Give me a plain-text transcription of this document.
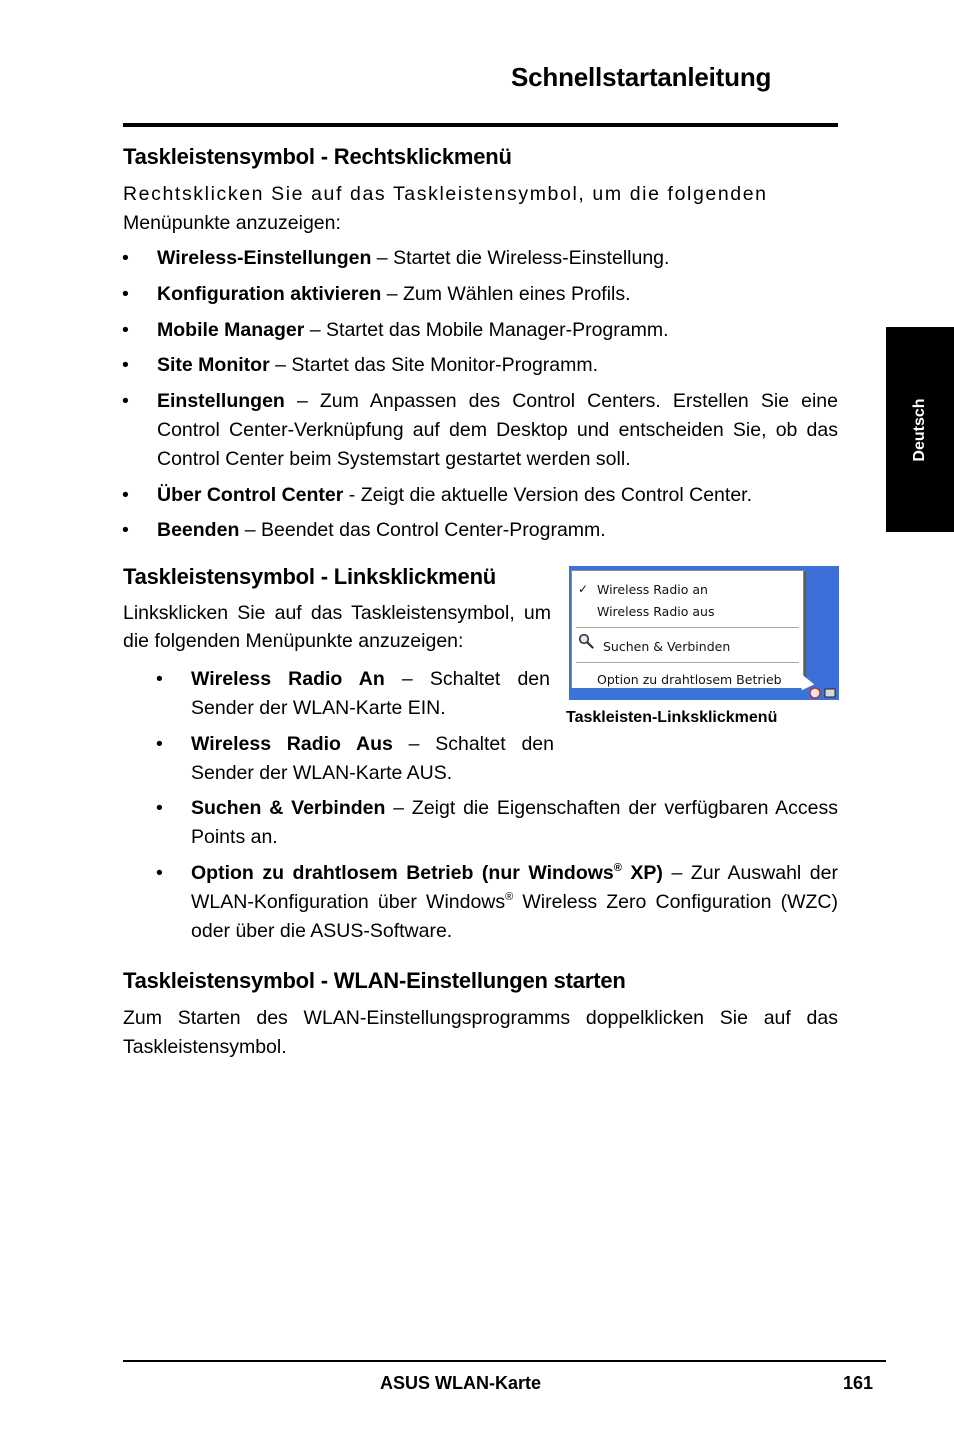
Schnellstartanleitung
Deutsch
Taskleistensymbol - Rechtsklickmenü

Rechtsklicken Sie auf das Taskleistensymbol, um die folgenden

Menüpunkte anzuzeigen:

• Wireless-Einstellungen – Startet die Wireless-Einstellung.
• Konfiguration aktivieren – Zum Wählen eines Profils.
• Mobile Manager – Startet das Mobile Manager-Programm.
• Site Monitor – Startet das Site Monitor-Programm.
• Einstellungen – Zum Anpassen des Control Centers. Erstellen Sie eine Control Center-Verknüpfung auf dem Desktop und entscheiden Sie, ob das Control Center beim Systemstart gestartet werden soll.
• Über Control Center - Zeigt die aktuelle Version des Control Center.
• Beenden – Beendet das Control Center-Programm.
Taskleistensymbol - Linksklickmenü

Linksklicken Sie auf das Taskleistensymbol, um die folgenden Menüpunkte anzuzeigen:

• Wireless Radio An – Schaltet den Sender der WLAN-Karte EIN.
• Wireless Radio Aus – Schaltet den Sender der WLAN-Karte AUS.
• Suchen & Verbinden – Zeigt die Eigenschaften der verfügbaren Access Points an.
• Option zu drahtlosem Betrieb (nur Windows® XP) – Zur Auswahl der WLAN-Konfiguration über Windows® Wireless Zero Configuration (WZC) oder über die ASUS-Software.
✓ Wireless Radio an
Wireless Radio aus
Suchen & Verbinden
Option zu drahtlosem Betrieb
Taskleisten-Linksklickmenü
Taskleistensymbol - WLAN-Einstellungen starten

Zum Starten des WLAN-Einstellungsprogramms doppelklicken Sie auf das Taskleistensymbol.

ASUS WLAN-Karte	161
